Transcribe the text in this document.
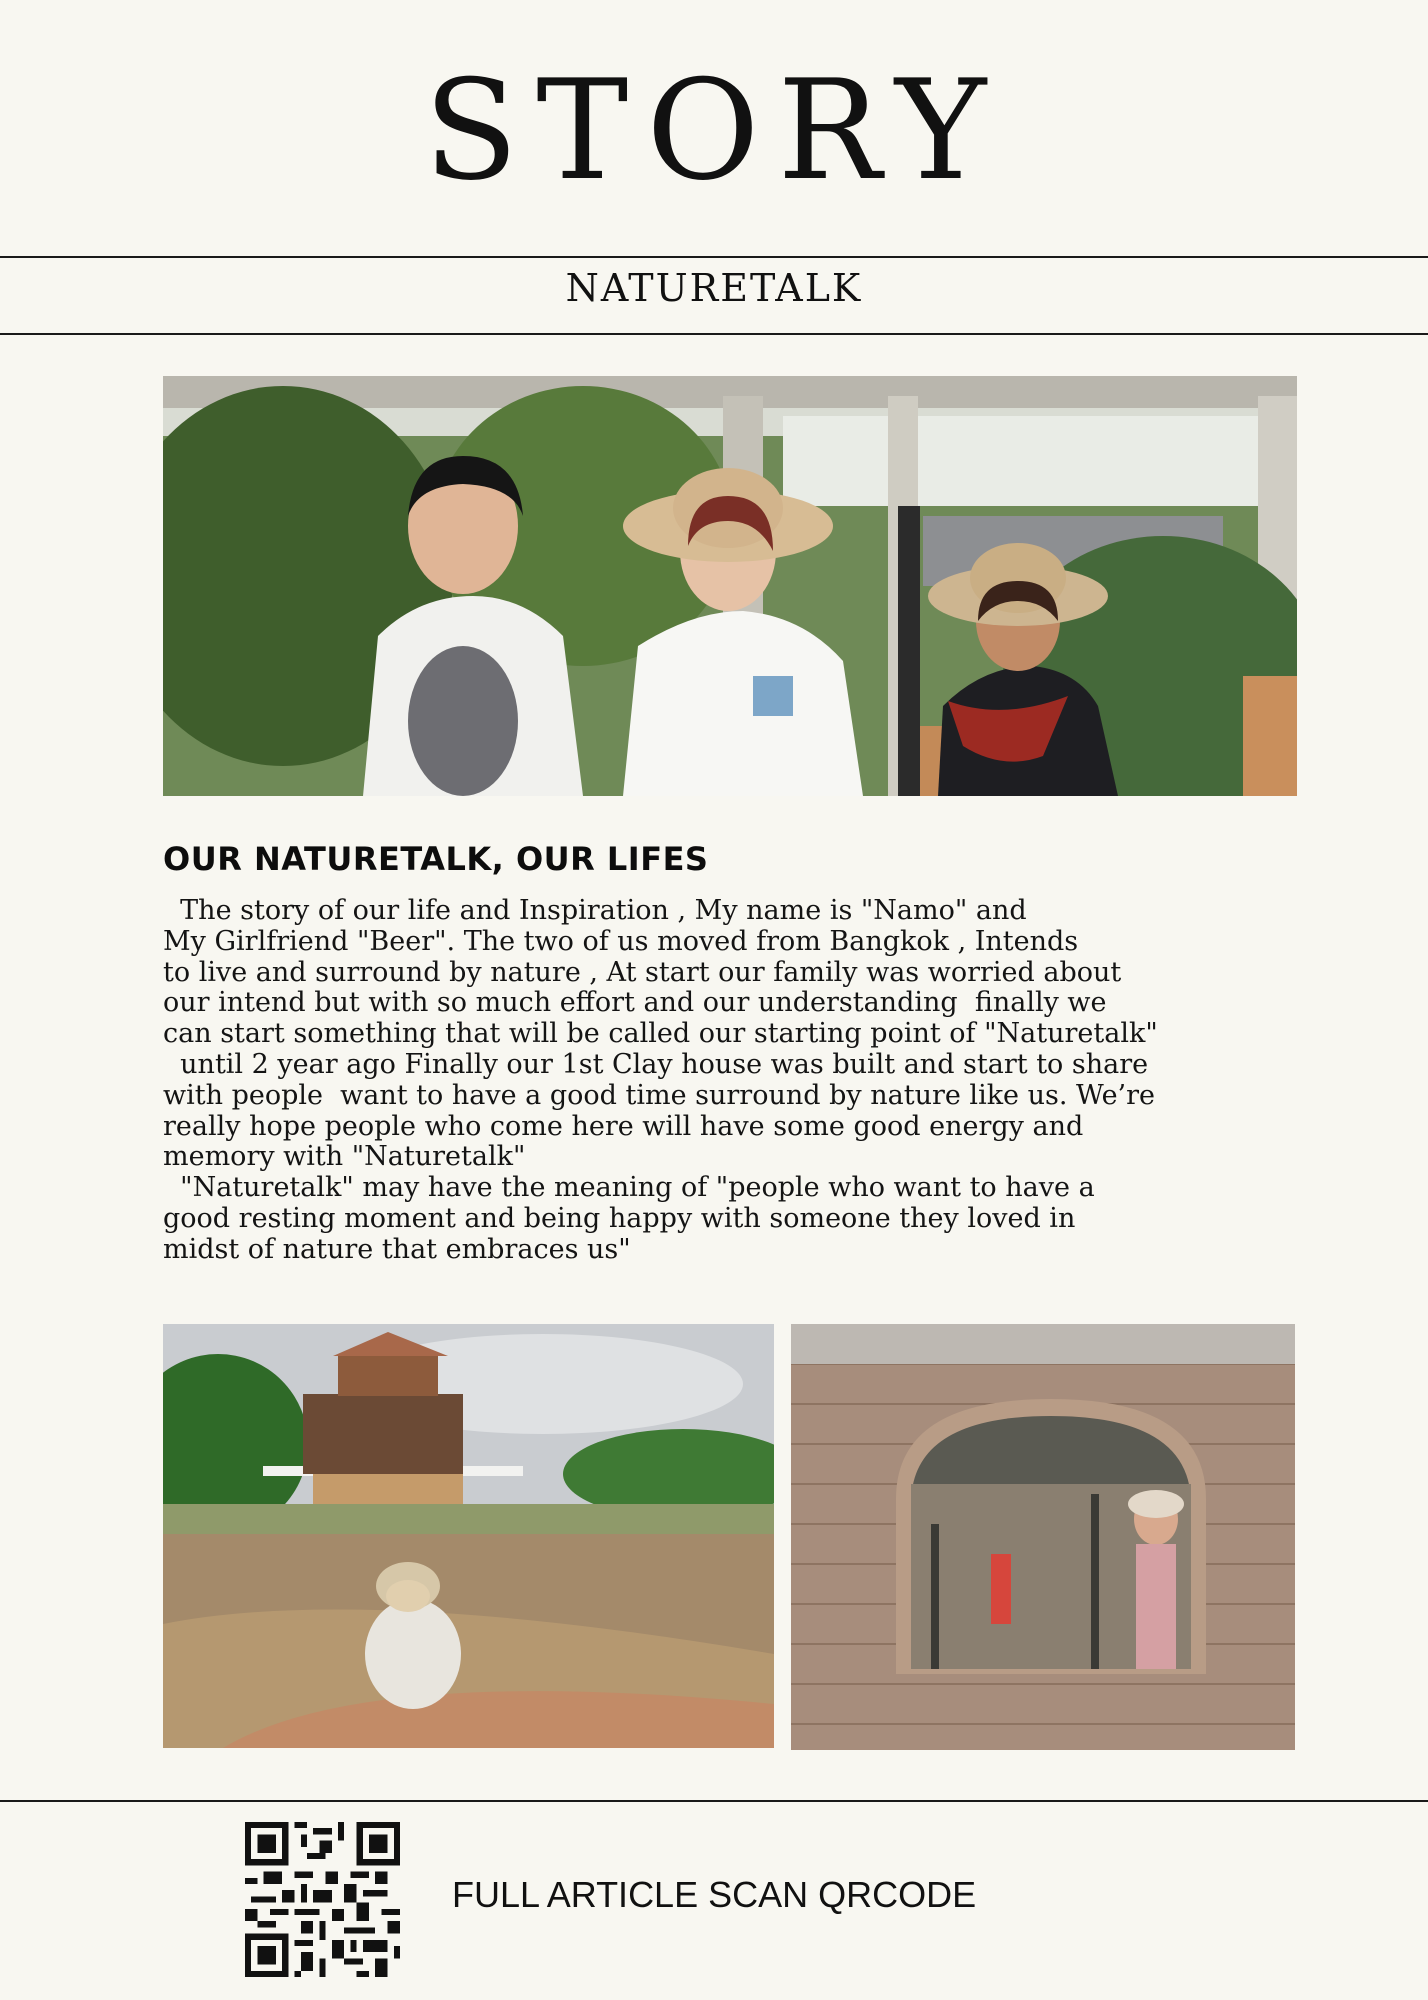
STORY
NATURETALK
OUR NATURETALK, OUR LIFES

The story of our life and Inspiration , My name is "Namo" and

My Girlfriend "Beer". The two of us moved from Bangkok , Intends

to live and surround by nature , At start our family was worried about

our intend but with so much effort and our understanding  finally we

can start something that will be called our starting point of "Naturetalk"

until 2 year ago Finally our 1st Clay house was built and start to share

with people  want to have a good time surround by nature like us. We’re

really hope people who come here will have some good energy and

memory with "Naturetalk"

"Naturetalk" may have the meaning of "people who want to have a

good resting moment and being happy with someone they loved in

midst of nature that embraces us"

FULL ARTICLE SCAN QRCODE
